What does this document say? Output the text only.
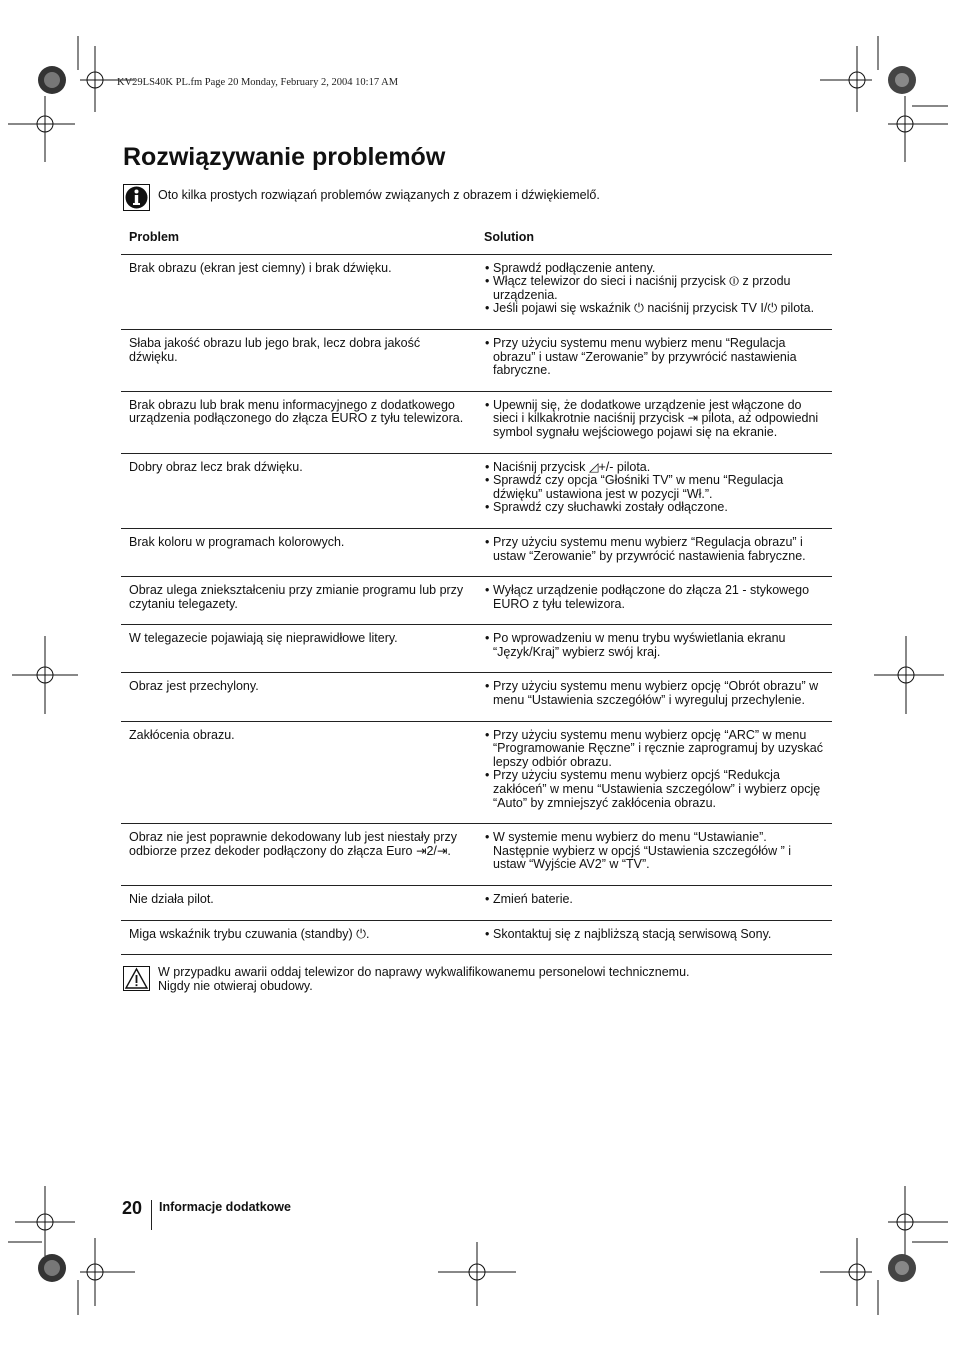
KV29LS40K PL.fm Page 20 Monday, February 2, 2004 10:17 AM
Rozwiązywanie problemów
Oto kilka prostych rozwiązań problemów związanych z obrazem i dźwiękiemelő.
Problem	Solution

Brak obrazu (ekran jest ciemny) i brak dźwięku.	• Sprawdź podłączenie anteny.
• Włącz telewizor do sieci i naciśnij przycisk ⏼ z przodu urządzenia.
• Jeśli pojawi się wskaźnik ⏻ naciśnij przycisk TV I/⏻ pilota.

Słaba jakość obrazu lub jego brak, lecz dobra jakość dźwięku.	• Przy użyciu systemu menu wybierz menu “Regulacja obrazu” i ustaw “Zerowanie” by przywrócić nastawienia fabryczne.

Brak obrazu lub brak menu informacyjnego z dodatkowego urządzenia podłączonego do złącza EURO z tyłu telewizora.	• Upewnij się, że dodatkowe urządzenie jest włączone do sieci i kilkakrotnie naciśnij przycisk ⇥ pilota, aż odpowiedni symbol sygnału wejściowego pojawi się na ekranie.

Dobry obraz lecz brak dźwięku.	• Naciśnij przycisk ◿+/- pilota.
• Sprawdź czy opcja “Głośniki TV” w menu “Regulacja dźwięku” ustawiona jest w pozycji “Wł.”.
• Sprawdź czy słuchawki zostały odłączone.

Brak koloru w programach kolorowych.	• Przy użyciu systemu menu wybierz “Regulacja obrazu” i ustaw “Zerowanie” by przywrócić nastawienia fabryczne.

Obraz ulega zniekształceniu przy zmianie programu lub przy czytaniu telegazety.	• Wyłącz urządzenie podłączone do złącza 21 - stykowego EURO z tyłu telewizora.

W telegazecie pojawiają się nieprawidłowe litery.	• Po wprowadzeniu w menu trybu wyświetlania ekranu “Język/Kraj” wybierz swój kraj.

Obraz jest przechylony.	• Przy użyciu systemu menu wybierz opcję “Obrót obrazu” w menu “Ustawienia szczegółów” i wyreguluj przechylenie.

Zakłócenia obrazu.	• Przy użyciu systemu menu wybierz opcję “ARC” w menu “Programowanie Ręczne” i ręcznie zaprogramuj by uzyskać lepszy odbiór obrazu.
• Przy użyciu systemu menu wybierz opcjś “Redukcja zakłóceń” w menu “Ustawienia szczególow” i wybierz opcję “Auto” by zmniejszyć zakłócenia obrazu.

Obraz nie jest poprawnie dekodowany lub jest niestały przy odbiorze przez dekoder podłączony do złącza Euro ⇥2/⇥.	• W systemie menu wybierz do menu “Ustawianie”. Następnie wybierz w opcjś “Ustawienia szczegółów ” i ustaw “Wyjście AV2” w “TV”.

Nie działa pilot.	• Zmień baterie.

Miga wskaźnik trybu czuwania (standby) ⏻.	• Skontaktuj się z najbliższą stacją serwisową Sony.
W przypadku awarii oddaj telewizor do naprawy wykwalifikowanemu personelowi technicznemu.
Nigdy nie otwieraj obudowy.
20 Informacje dodatkowe
